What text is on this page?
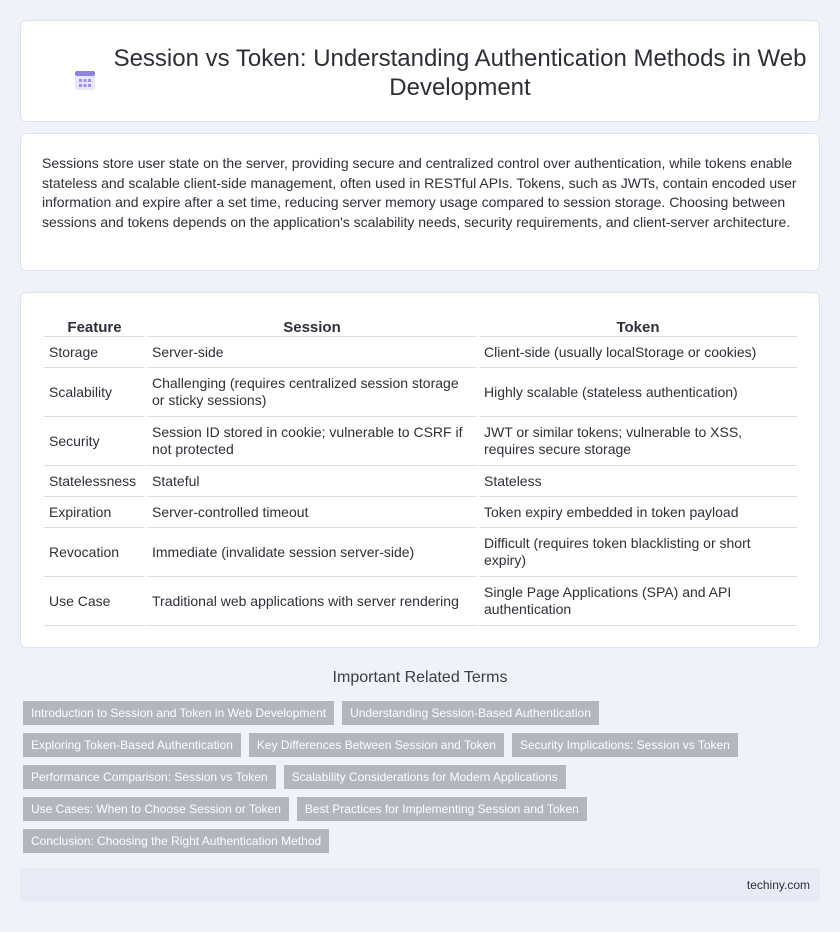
Session vs Token: Understanding Authentication Methods in Web Development

Sessions store user state on the server, providing secure and centralized control over authentication, while tokens enable stateless and scalable client-side management, often used in RESTful APIs. Tokens, such as JWTs, contain encoded user information and expire after a set time, reducing server memory usage compared to session storage. Choosing between sessions and tokens depends on the application's scalability needs, security requirements, and client-server architecture.

Feature	Session	Token
Storage	Server-side	Client-side (usually localStorage or cookies)
Scalability	Challenging (requires centralized session storage or sticky sessions)	Highly scalable (stateless authentication)
Security	Session ID stored in cookie; vulnerable to CSRF if not protected	JWT or similar tokens; vulnerable to XSS, requires secure storage
Statelessness	Stateful	Stateless
Expiration	Server-controlled timeout	Token expiry embedded in token payload
Revocation	Immediate (invalidate session server-side)	Difficult (requires token blacklisting or short expiry)
Use Case	Traditional web applications with server rendering	Single Page Applications (SPA) and API authentication
Important Related Terms
Introduction to Session and Token in Web Development	Understanding Session-Based Authentication
Exploring Token-Based Authentication	Key Differences Between Session and Token	Security Implications: Session vs Token
Performance Comparison: Session vs Token	Scalability Considerations for Modern Applications
Use Cases: When to Choose Session or Token	Best Practices for Implementing Session and Token
Conclusion: Choosing the Right Authentication Method
techiny.com
